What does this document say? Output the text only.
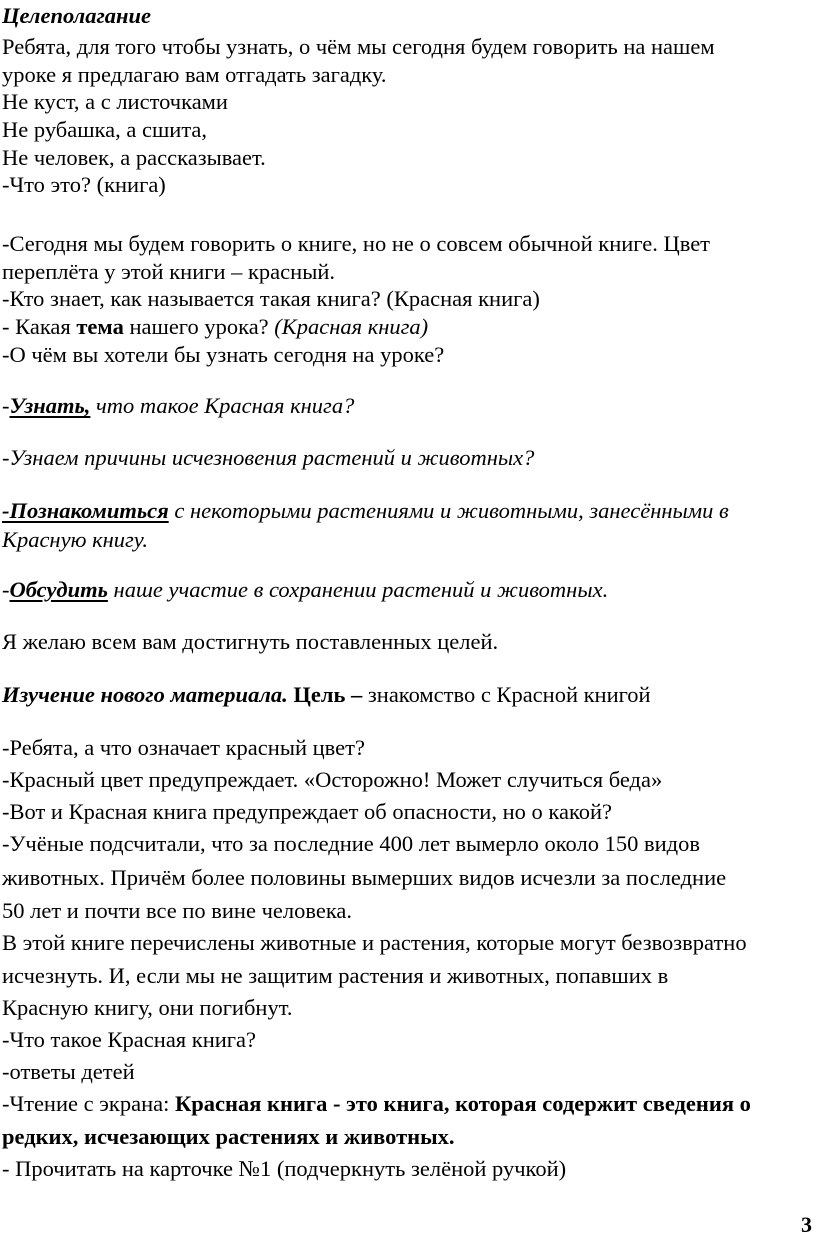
Целеполагание
Ребята, для того чтобы узнать, о чём мы сегодня будем говорить на нашем
уроке я предлагаю вам отгадать загадку.
Не куст, а с листочками
Не рубашка, а сшита,
Не человек, а рассказывает.
-Что это? (книга)
-Сегодня мы будем говорить о книге, но не о совсем обычной книге. Цвет
переплёта у этой книги – красный.
-Кто знает, как называется такая книга? (Красная книга)
- Какая тема нашего урока? (Красная книга)
-О чём вы хотели бы узнать сегодня на уроке?
-Узнать, что такое Красная книга?
-Узнаем причины исчезновения растений и животных?
-Познакомиться с некоторыми растениями и животными, занесёнными в
Красную книгу.
-Обсудить наше участие в сохранении растений и животных.
Я желаю всем вам достигнуть поставленных целей.
Изучение нового материала. Цель – знакомство с Красной книгой
-Ребята, а что означает красный цвет?
-Красный цвет предупреждает. «Осторожно! Может случиться беда»
-Вот и Красная книга предупреждает об опасности, но о какой?
-Учёные подсчитали, что за последние 400 лет вымерло около 150 видов
животных. Причём более половины вымерших видов исчезли за последние
50 лет и почти все по вине человека.
В этой книге перечислены животные и растения, которые могут безвозвратно
исчезнуть. И, если мы не защитим растения и животных, попавших в
Красную книгу, они погибнут.
-Что такое Красная книга?
-ответы детей
-Чтение с экрана: Красная книга - это книга, которая содержит сведения о
редких, исчезающих растениях и животных.
- Прочитать на карточке №1 (подчеркнуть зелёной ручкой)
3
